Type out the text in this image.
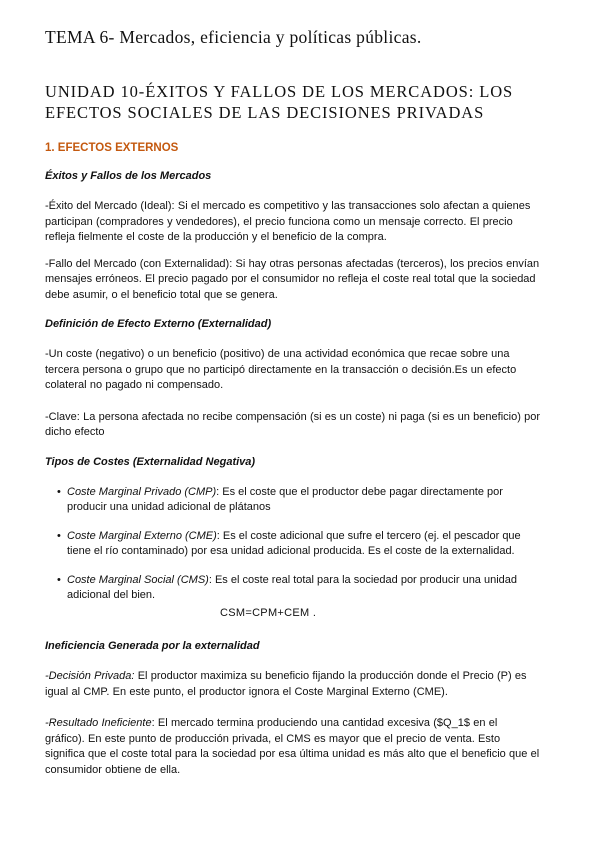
TEMA 6- Mercados, eficiencia y políticas públicas.
UNIDAD 10-ÉXITOS Y FALLOS DE LOS MERCADOS: LOS EFECTOS SOCIALES DE LAS DECISIONES PRIVADAS
1. EFECTOS EXTERNOS
Éxitos y Fallos de los Mercados

-Éxito del Mercado (Ideal): Si el mercado es competitivo y las transacciones solo afectan a quienes participan (compradores y vendedores), el precio funciona como un mensaje correcto. El precio refleja fielmente el coste de la producción y el beneficio de la compra.

-Fallo del Mercado (con Externalidad): Si hay otras personas afectadas (terceros), los precios envían mensajes erróneos. El precio pagado por el consumidor no refleja el coste real total que la sociedad debe asumir, o el beneficio total que se genera.

Definición de Efecto Externo (Externalidad)

-Un coste (negativo) o un beneficio (positivo) de una actividad económica que recae sobre una tercera persona o grupo que no participó directamente en la transacción o decisión.Es un efecto colateral no pagado ni compensado.

-Clave: La persona afectada no recibe compensación (si es un coste) ni paga (si es un beneficio) por dicho efecto

Tipos de Costes (Externalidad Negativa)
• Coste Marginal Privado (CMP): Es el coste que el productor debe pagar directamente por producir una unidad adicional de plátanos
• Coste Marginal Externo (CME): Es el coste adicional que sufre el tercero (ej. el pescador que tiene el río contaminado) por esa unidad adicional producida. Es el coste de la externalidad.
• Coste Marginal Social (CMS): Es el coste real total para la sociedad por producir una unidad adicional del bien.
CSM=CPM+CEM .
Ineficiencia Generada por la externalidad

-Decisión Privada: El productor maximiza su beneficio fijando la producción donde el Precio (P) es igual al CMP. En este punto, el productor ignora el Coste Marginal Externo (CME).

-Resultado Ineficiente: El mercado termina produciendo una cantidad excesiva ($Q_1$ en el gráfico). En este punto de producción privada, el CMS es mayor que el precio de venta. Esto significa que el coste total para la sociedad por esa última unidad es más alto que el beneficio que el consumidor obtiene de ella.
